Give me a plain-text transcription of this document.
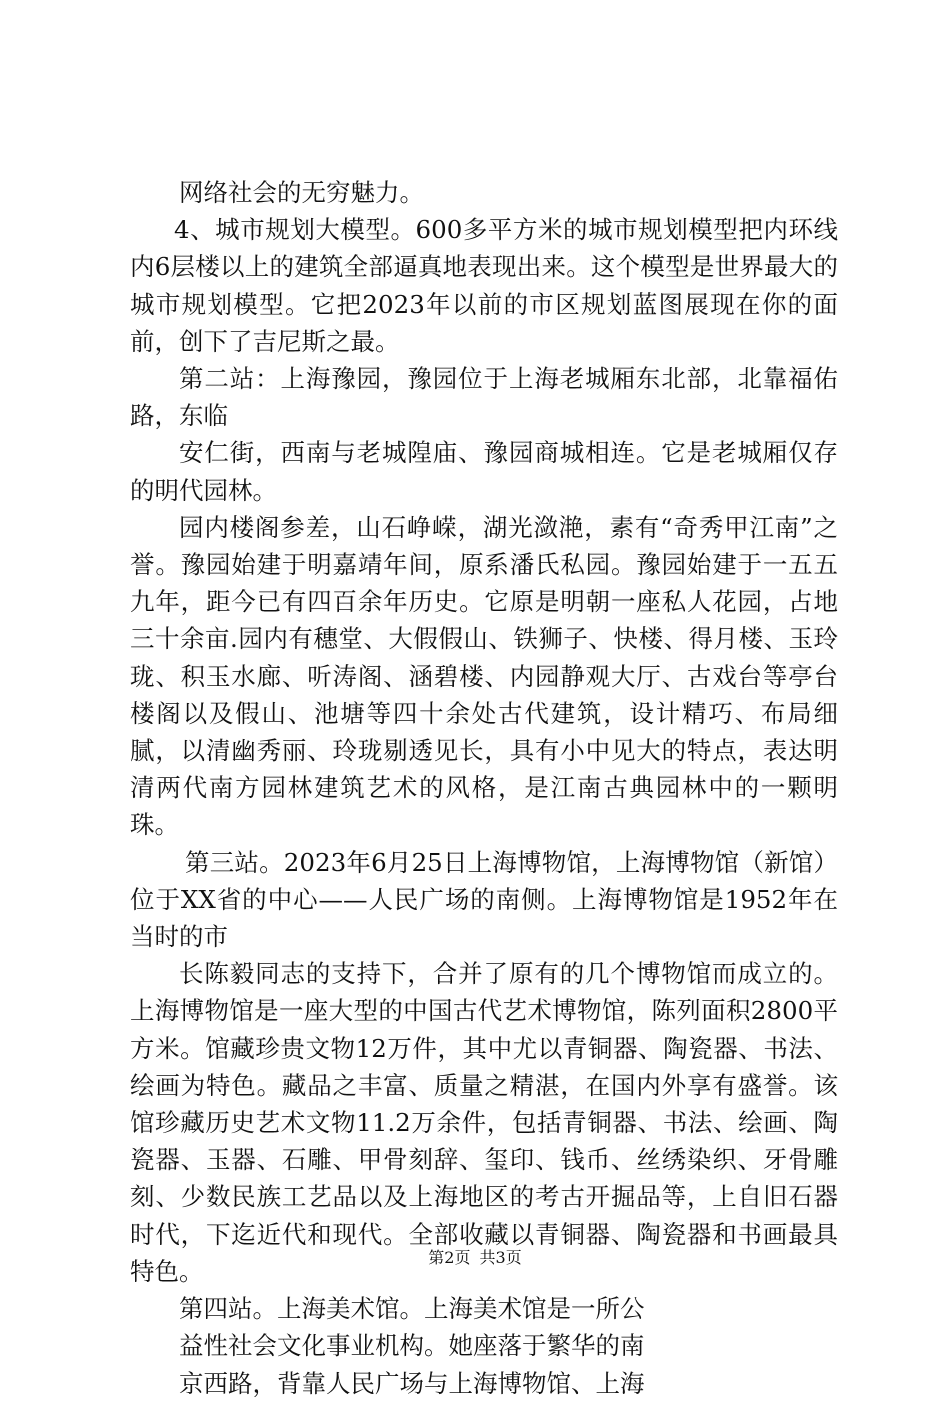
网络社会的无穷魅力。

4、城市规划大模型。600多平方米的城市规划模型把内环线内6层楼以上的建筑全部逼真地表现出来。这个模型是世界最大的城市规划模型。它把2023年以前的市区规划蓝图展现在你的面前，创下了吉尼斯之最。

第二站：上海豫园，豫园位于上海老城厢东北部，北靠福佑路，东临

安仁街，西南与老城隍庙、豫园商城相连。它是老城厢仅存的明代园林。

园内楼阁参差，山石峥嵘，湖光潋滟，素有“奇秀甲江南”之誉。豫园始建于明嘉靖年间，原系潘氏私园。豫园始建于一五五九年，距今已有四百余年历史。它原是明朝一座私人花园，占地三十余亩.园内有穗堂、大假假山、铁狮子、快楼、得月楼、玉玲珑、积玉水廊、听涛阁、涵碧楼、内园静观大厅、古戏台等亭台楼阁以及假山、池塘等四十余处古代建筑，设计精巧、布局细腻，以清幽秀丽、玲珑剔透见长，具有小中见大的特点，表达明清两代南方园林建筑艺术的风格，是江南古典园林中的一颗明珠。

第三站。2023年6月25日上海博物馆，上海博物馆（新馆）位于XX省的中心——人民广场的南侧。上海博物馆是1952年在当时的市

长陈毅同志的支持下，合并了原有的几个博物馆而成立的。上海博物馆是一座大型的中国古代艺术博物馆，陈列面积2800平方米。馆藏珍贵文物12万件，其中尤以青铜器、陶瓷器、书法、绘画为特色。藏品之丰富、质量之精湛，在国内外享有盛誉。该馆珍藏历史艺术文物11.2万余件，包括青铜器、书法、绘画、陶瓷器、玉器、石雕、甲骨刻辞、玺印、钱币、丝绣染织、牙骨雕刻、少数民族工艺品以及上海地区的考古开掘品等，上自旧石器时代，下迄近代和现代。全部收藏以青铜器、陶瓷器和书画最具特色。

第四站。上海美术馆。上海美术馆是一所公

益性社会文化事业机构。她座落于繁华的南

京西路，背靠人民广场与上海博物馆、上海

第2页 共3页
